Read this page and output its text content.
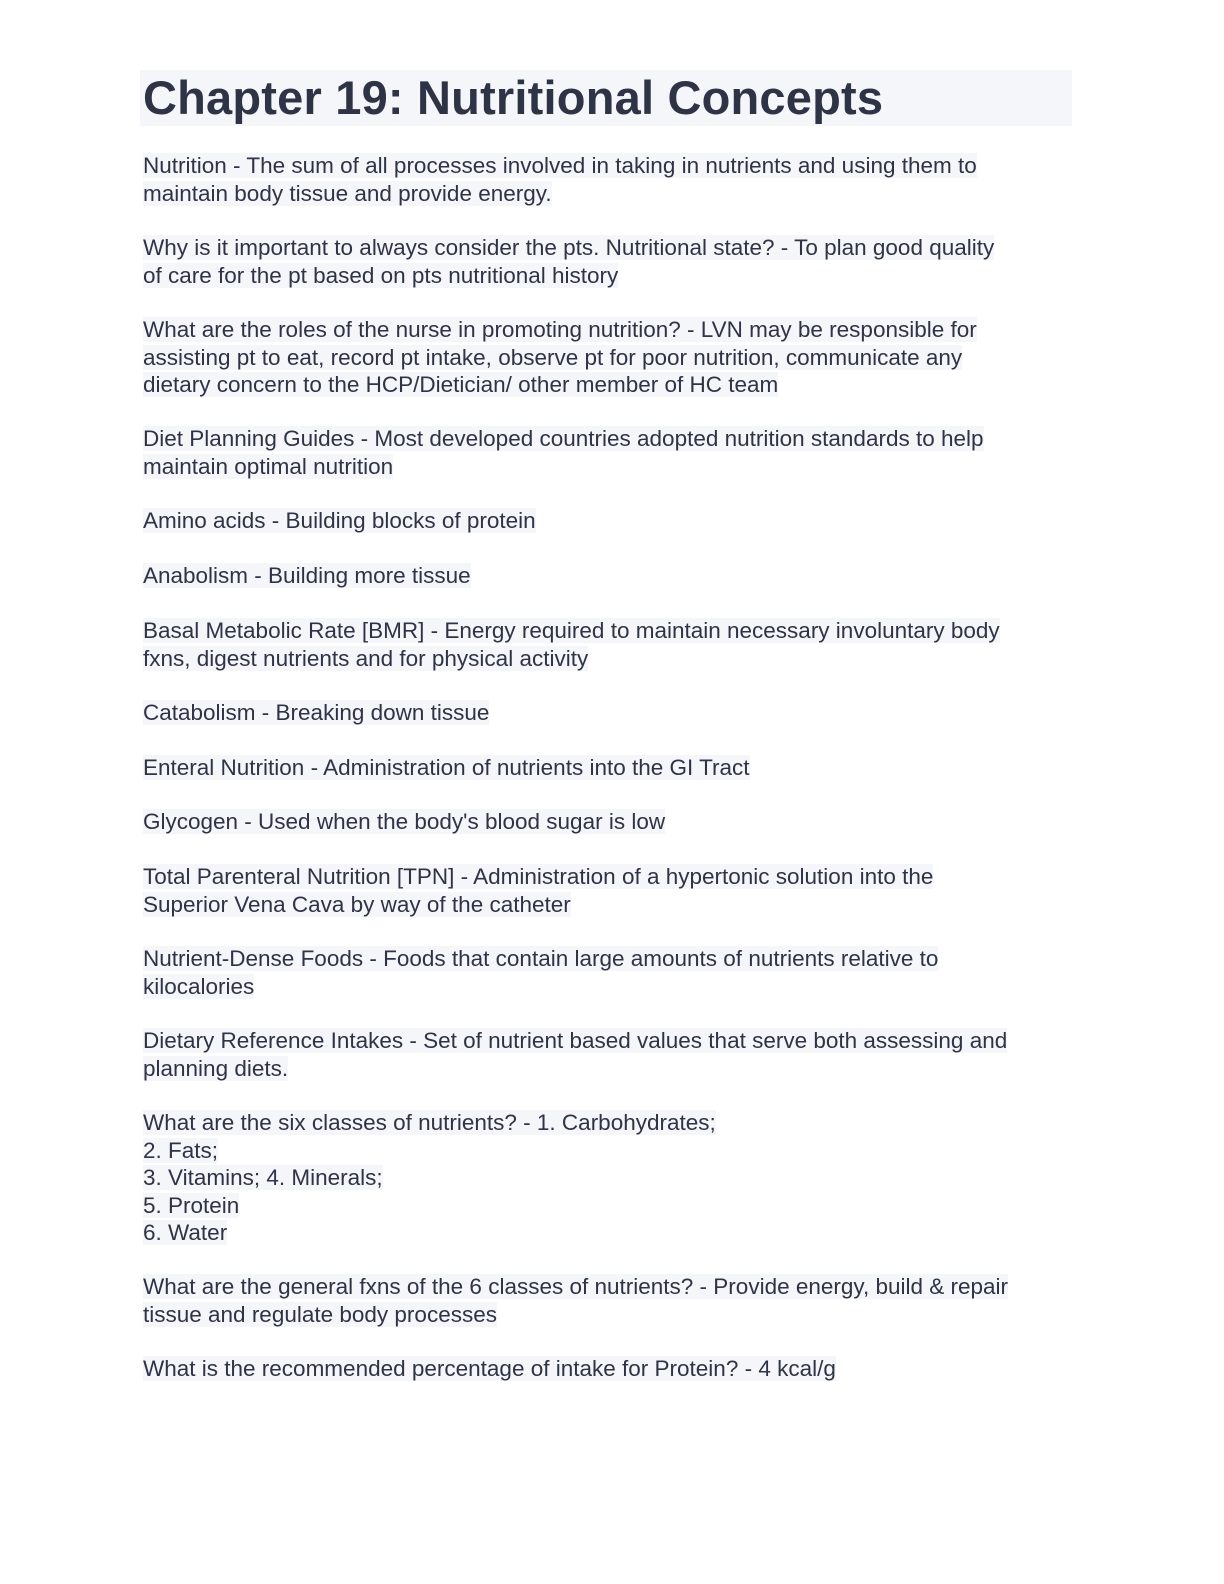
Chapter 19: Nutritional Concepts
Nutrition - The sum of all processes involved in taking in nutrients and using them to
maintain body tissue and provide energy.
Why is it important to always consider the pts. Nutritional state? - To plan good quality
of care for the pt based on pts nutritional history
What are the roles of the nurse in promoting nutrition? - LVN may be responsible for
assisting pt to eat, record pt intake, observe pt for poor nutrition, communicate any
dietary concern to the HCP/Dietician/ other member of HC team
Diet Planning Guides - Most developed countries adopted nutrition standards to help
maintain optimal nutrition
Amino acids - Building blocks of protein
Anabolism - Building more tissue
Basal Metabolic Rate [BMR] - Energy required to maintain necessary involuntary body
fxns, digest nutrients and for physical activity
Catabolism - Breaking down tissue
Enteral Nutrition - Administration of nutrients into the GI Tract
Glycogen - Used when the body's blood sugar is low
Total Parenteral Nutrition [TPN] - Administration of a hypertonic solution into the
Superior Vena Cava by way of the catheter
Nutrient-Dense Foods - Foods that contain large amounts of nutrients relative to
kilocalories
Dietary Reference Intakes - Set of nutrient based values that serve both assessing and
planning diets.
What are the six classes of nutrients? - 1. Carbohydrates;
2. Fats;
3. Vitamins; 4. Minerals;
5. Protein
6. Water
What are the general fxns of the 6 classes of nutrients? - Provide energy, build & repair
tissue and regulate body processes
What is the recommended percentage of intake for Protein? - 4 kcal/g
